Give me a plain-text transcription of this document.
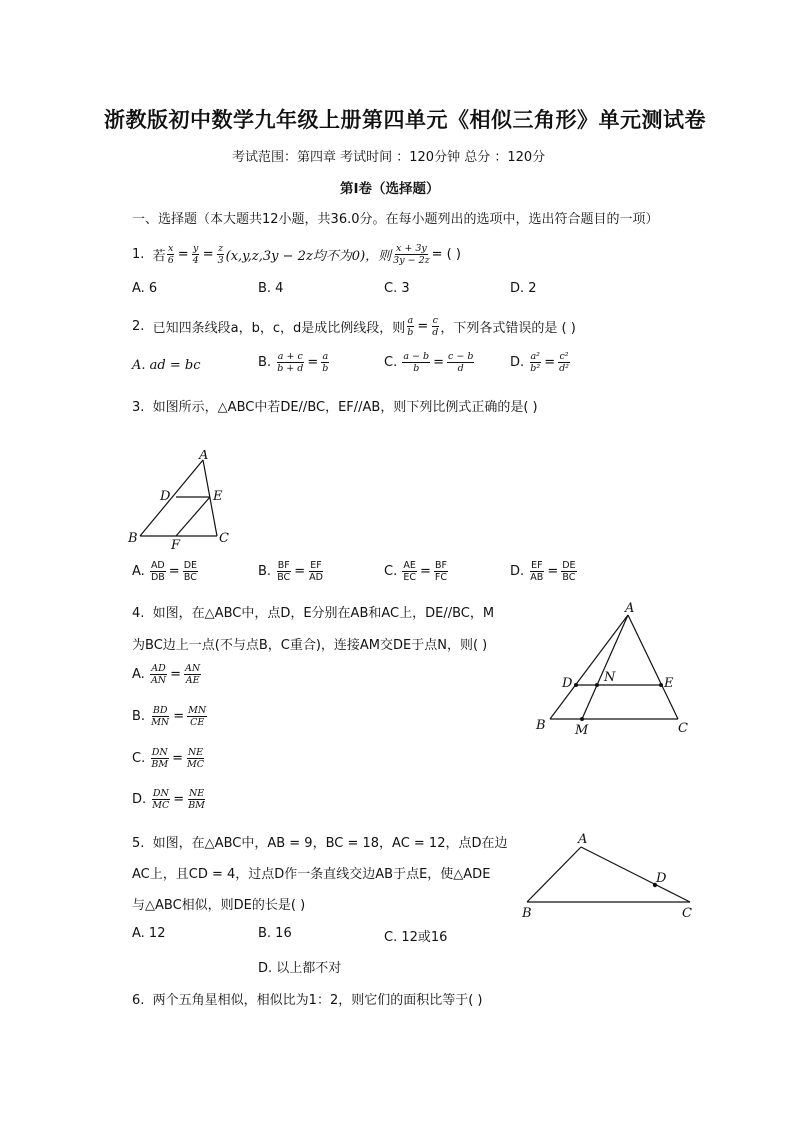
浙教版初中数学九年级上册第四单元《相似三角形》单元测试卷
考试范围：第四章 考试时间 ：120分钟 总分 ：120分
第I卷（选择题）
一、选择题（本大题共12小题，共36.0分。在每小题列出的选项中，选出符合题目的一项）
1.
若 $\frac{x}{6} = \frac{y}{4} = \frac{z}{3} (x,y,z,3y - 2z$均不为0)，则 $\frac{x + 3y}{3y - 2z}$ = ( )
A. 6	B. 4	C. 3	D. 2
2.
已知四条线段a，b，c，d是成比例线段，则 $\frac{a}{b} = \frac{c}{d}$ ，下列各式错误的是 ( )
A. ad = bc	B.
$\frac{a + c}{b + d} = \frac{a}{b}$	C.
$\frac{a - b}{b} = \frac{c - b}{d}$	D.
$\frac{\text{a²}}{\text{b²}} = \frac{\text{c²}}{\text{d²}}$
3. 如图所示，△ABC中若DE//BC，EF//AB，则下列比例式正确的是( )
A
D	E
B	F	C
A.
$\frac{AD}{DB} = \frac{DE}{BC}$	B.
$\frac{BF}{BC} = \frac{EF}{AD}$	C.
$\frac{AE}{EC} = \frac{BF}{FC}$	D.
$\frac{EF}{AB} = \frac{DE}{BC}$
4. 如图，在△ABC中，点D，E分别在AB和AC上，DE//BC，M
为BC边上一点(不与点B，C重合)，连接AM交DE于点N，则( )
A
D N	E
B M	C
A.
$\frac{AD}{AN} = \frac{AN}{AE}$
B.
$\frac{BD}{MN} = \frac{MN}{CE}$
C.
$\frac{DN}{BM} = \frac{NE}{MC}$
D.
$\frac{DN}{MC} = \frac{NE}{BM}$
5. 如图，在△ABC中，AB = 9，BC = 18，AC = 12，点D在边
AC上，且CD = 4，过点D作一条直线交边AB于点E，使△ADE
与△ABC相似，则DE的长是( )
A
D
B	C
A. 12	B. 16	C. 12或16
D. 以上都不对
6. 两个五角星相似，相似比为1：2，则它们的面积比等于( )
